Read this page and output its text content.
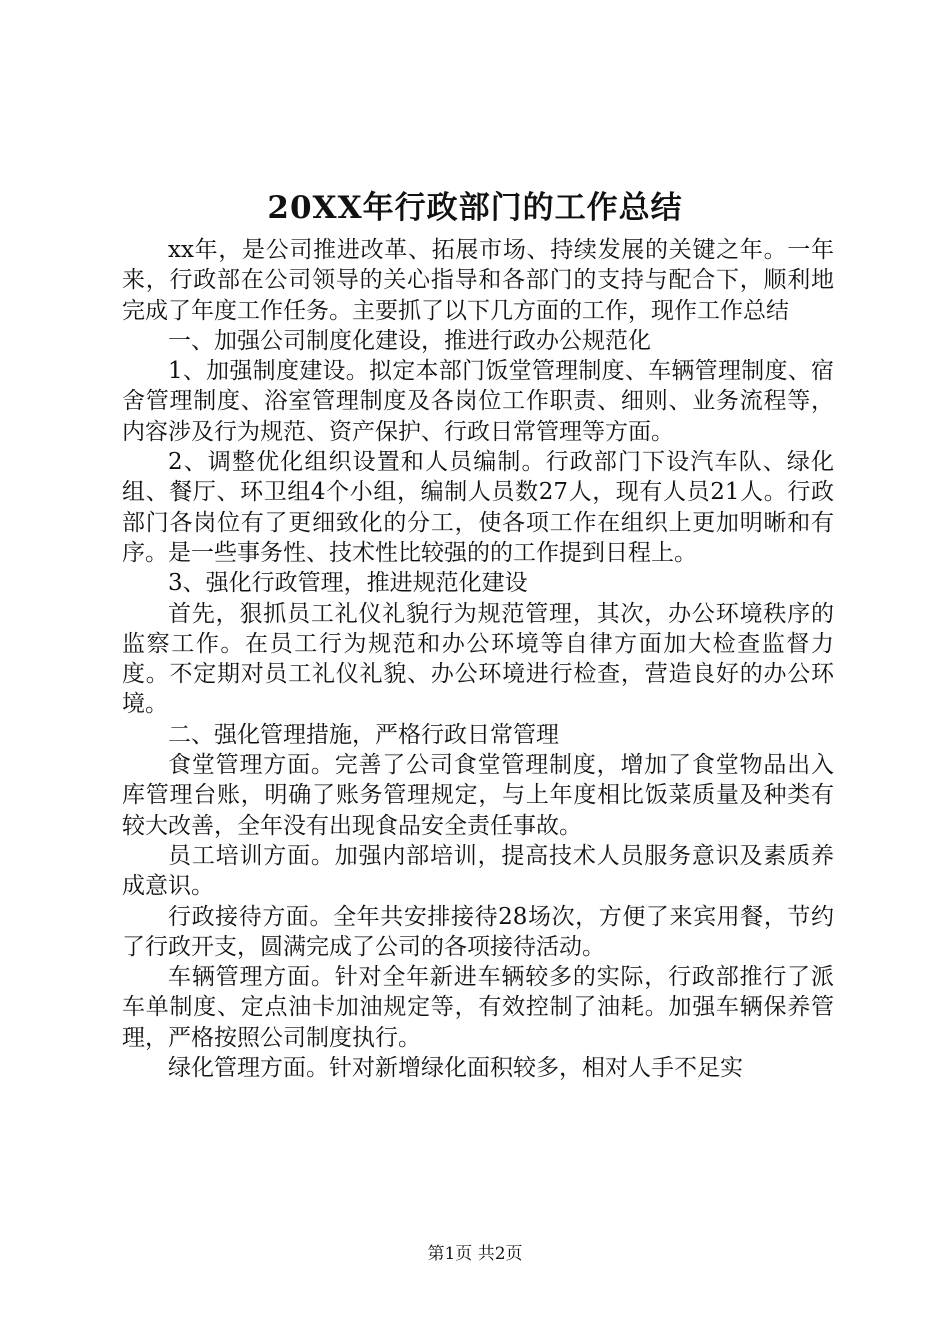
20XX年行政部门的工作总结

xx年，是公司推进改革、拓展市场、持续发展的关键之年。一年来，行政部在公司领导的关心指导和各部门的支持与配合下，顺利地完成了年度工作任务。主要抓了以下几方面的工作，现作工作总结

一、加强公司制度化建设，推进行政办公规范化

1、加强制度建设。拟定本部门饭堂管理制度、车辆管理制度、宿舍管理制度、浴室管理制度及各岗位工作职责、细则、业务流程等，内容涉及行为规范、资产保护、行政日常管理等方面。

2、调整优化组织设置和人员编制。行政部门下设汽车队、绿化组、餐厅、环卫组4个小组，编制人员数27人，现有人员21人。行政部门各岗位有了更细致化的分工，使各项工作在组织上更加明晰和有序。是一些事务性、技术性比较强的的工作提到日程上。

3、强化行政管理，推进规范化建设

首先，狠抓员工礼仪礼貌行为规范管理，其次，办公环境秩序的监察工作。在员工行为规范和办公环境等自律方面加大检查监督力度。不定期对员工礼仪礼貌、办公环境进行检查，营造良好的办公环境。

二、强化管理措施，严格行政日常管理

食堂管理方面。完善了公司食堂管理制度，增加了食堂物品出入库管理台账，明确了账务管理规定，与上年度相比饭菜质量及种类有较大改善，全年没有出现食品安全责任事故。

员工培训方面。加强内部培训，提高技术人员服务意识及素质养成意识。

行政接待方面。全年共安排接待28场次，方便了来宾用餐，节约了行政开支，圆满完成了公司的各项接待活动。

车辆管理方面。针对全年新进车辆较多的实际，行政部推行了派车单制度、定点油卡加油规定等，有效控制了油耗。加强车辆保养管理，严格按照公司制度执行。

绿化管理方面。针对新增绿化面积较多，相对人手不足实

第1页 共2页
